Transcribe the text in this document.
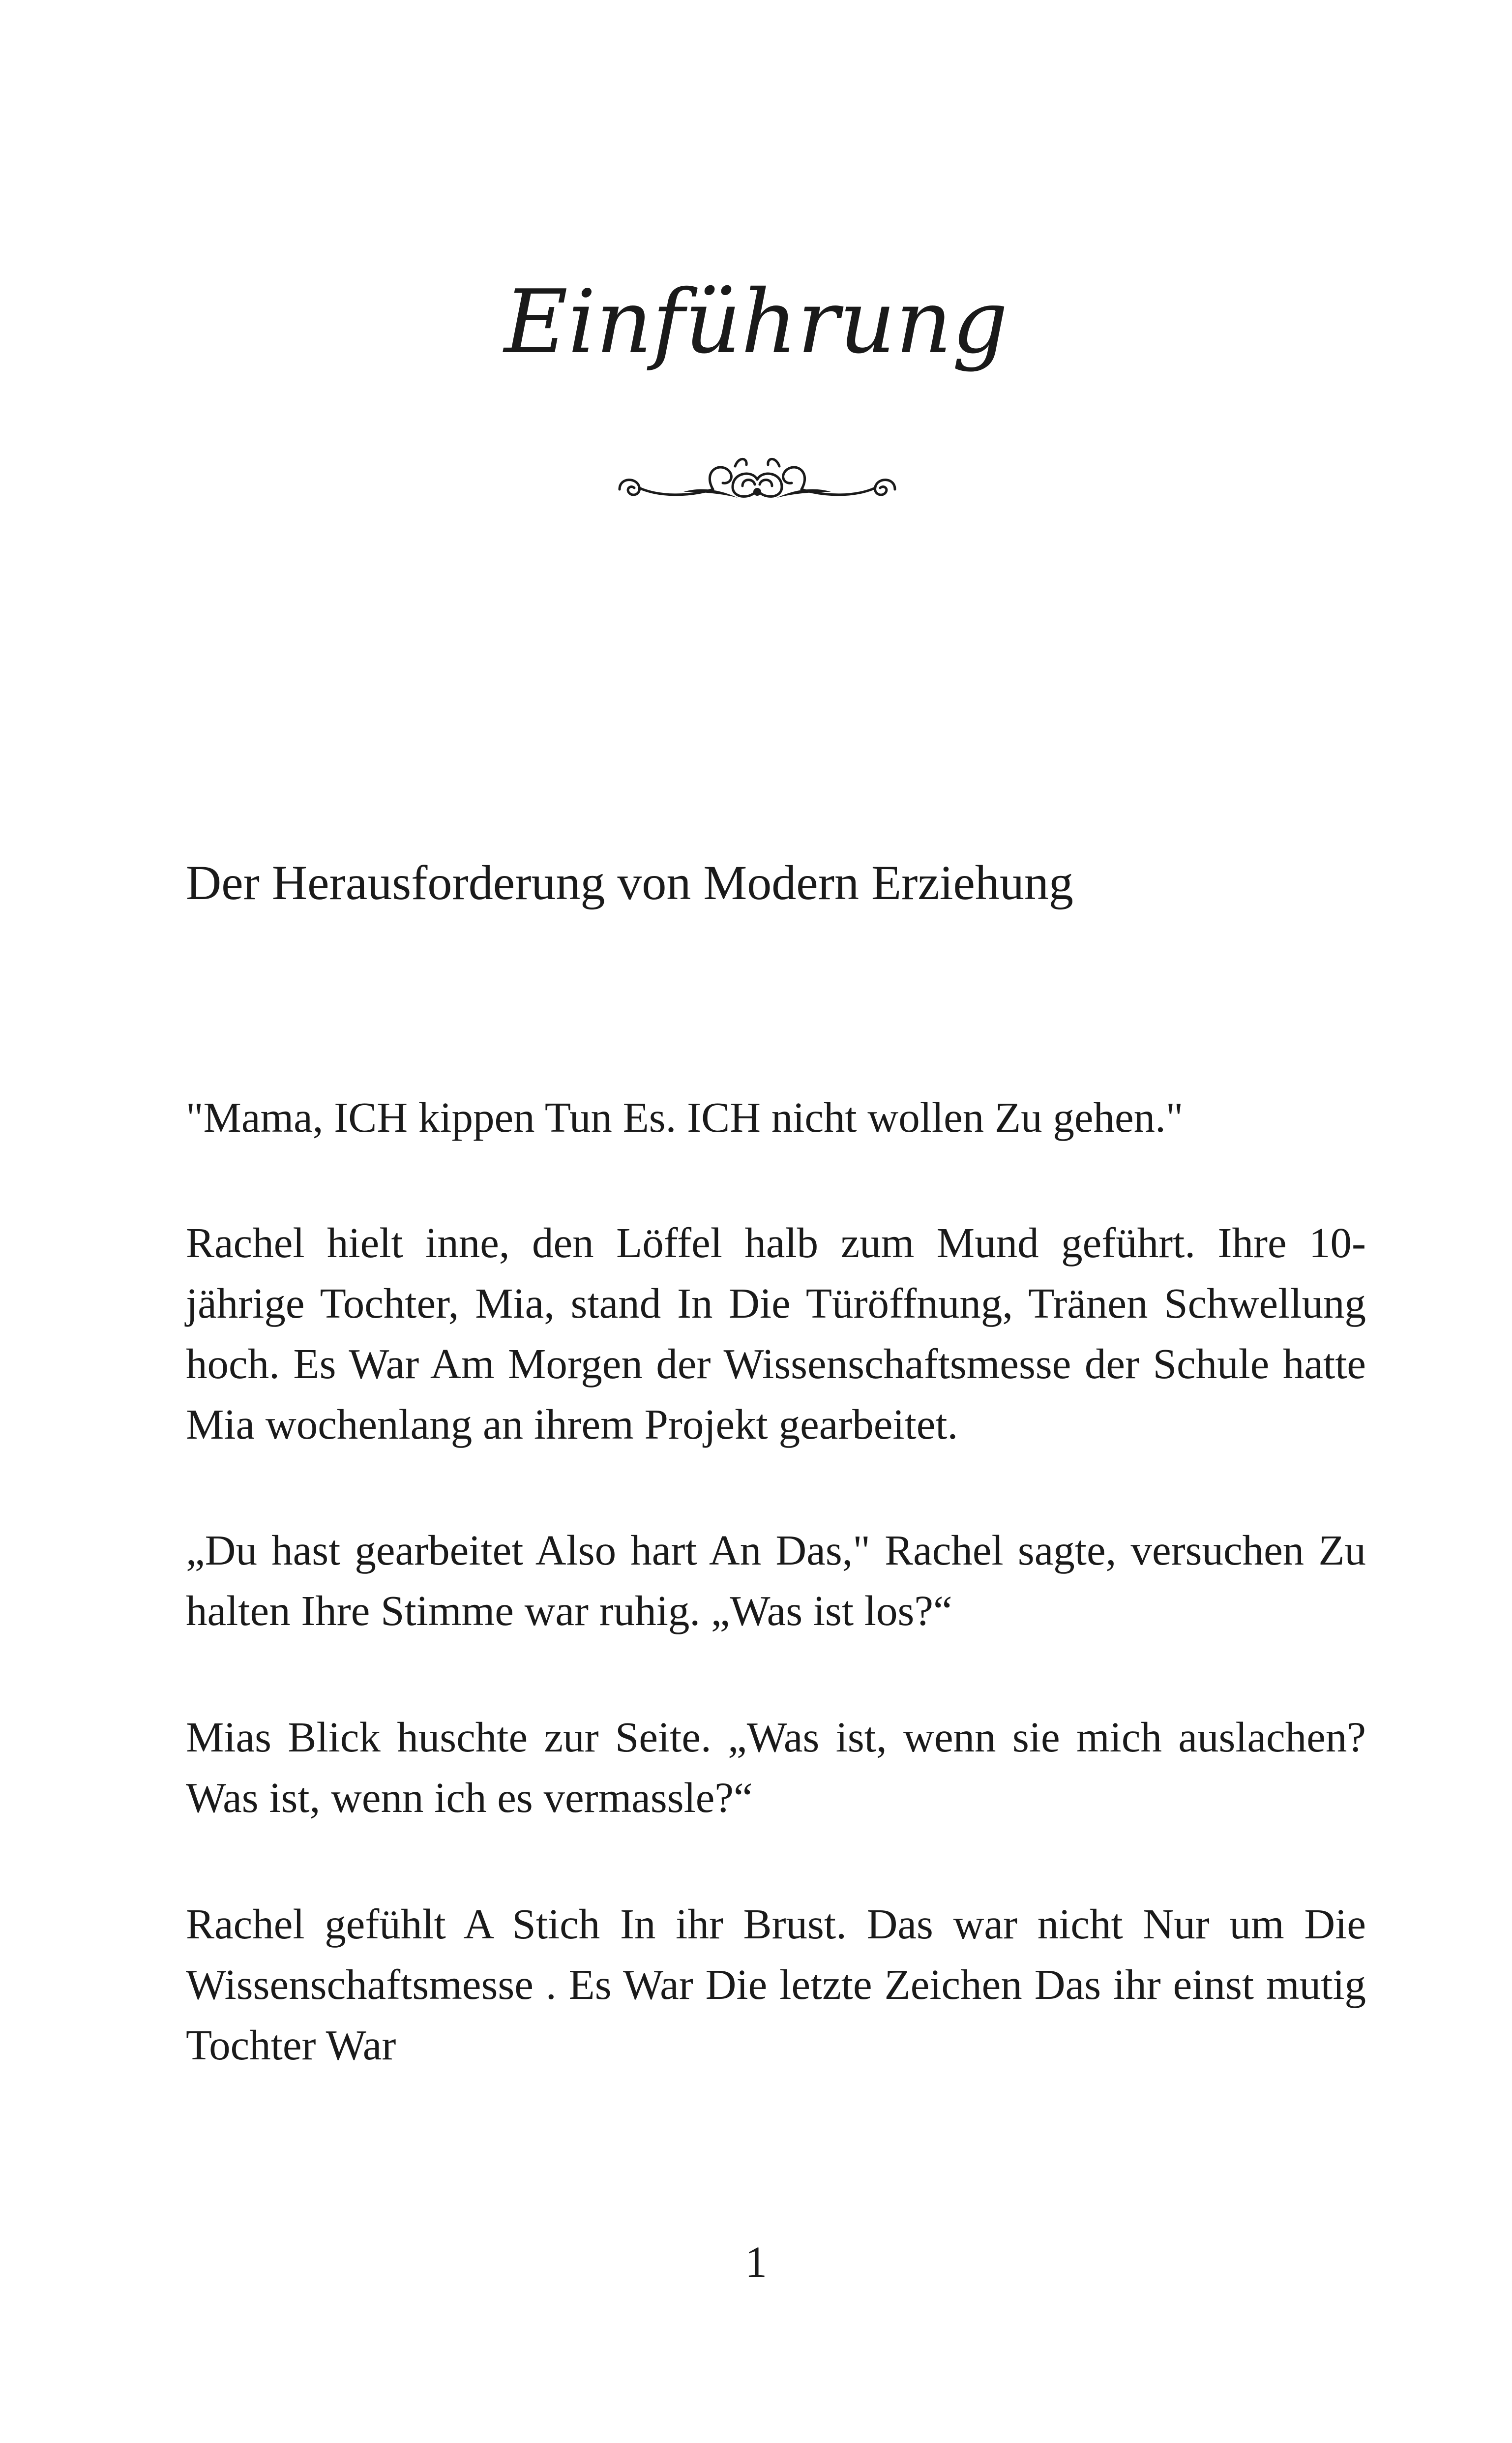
Einführung
Der Herausforderung von Modern Erziehung

"Mama, ICH kippen Tun Es. ICH nicht wollen Zu gehen."

Rachel hielt inne, den Löffel halb zum Mund geführt. Ihre 10-jährige Tochter, Mia, stand In Die Türöffnung, Tränen Schwellung hoch. Es War Am Morgen der Wissenschaftsmesse der Schule hatte Mia wochenlang an ihrem Projekt gearbeitet.

„Du hast gearbeitet Also hart An Das," Rachel sagte, versuchen Zu halten Ihre Stimme war ruhig. „Was ist los?“

Mias Blick huschte zur Seite. „Was ist, wenn sie mich auslachen? Was ist, wenn ich es vermassle?“

Rachel gefühlt A Stich In ihr Brust. Das war nicht Nur um Die Wissenschaftsmesse . Es War Die letzte Zeichen Das ihr einst mutig Tochter War

1
